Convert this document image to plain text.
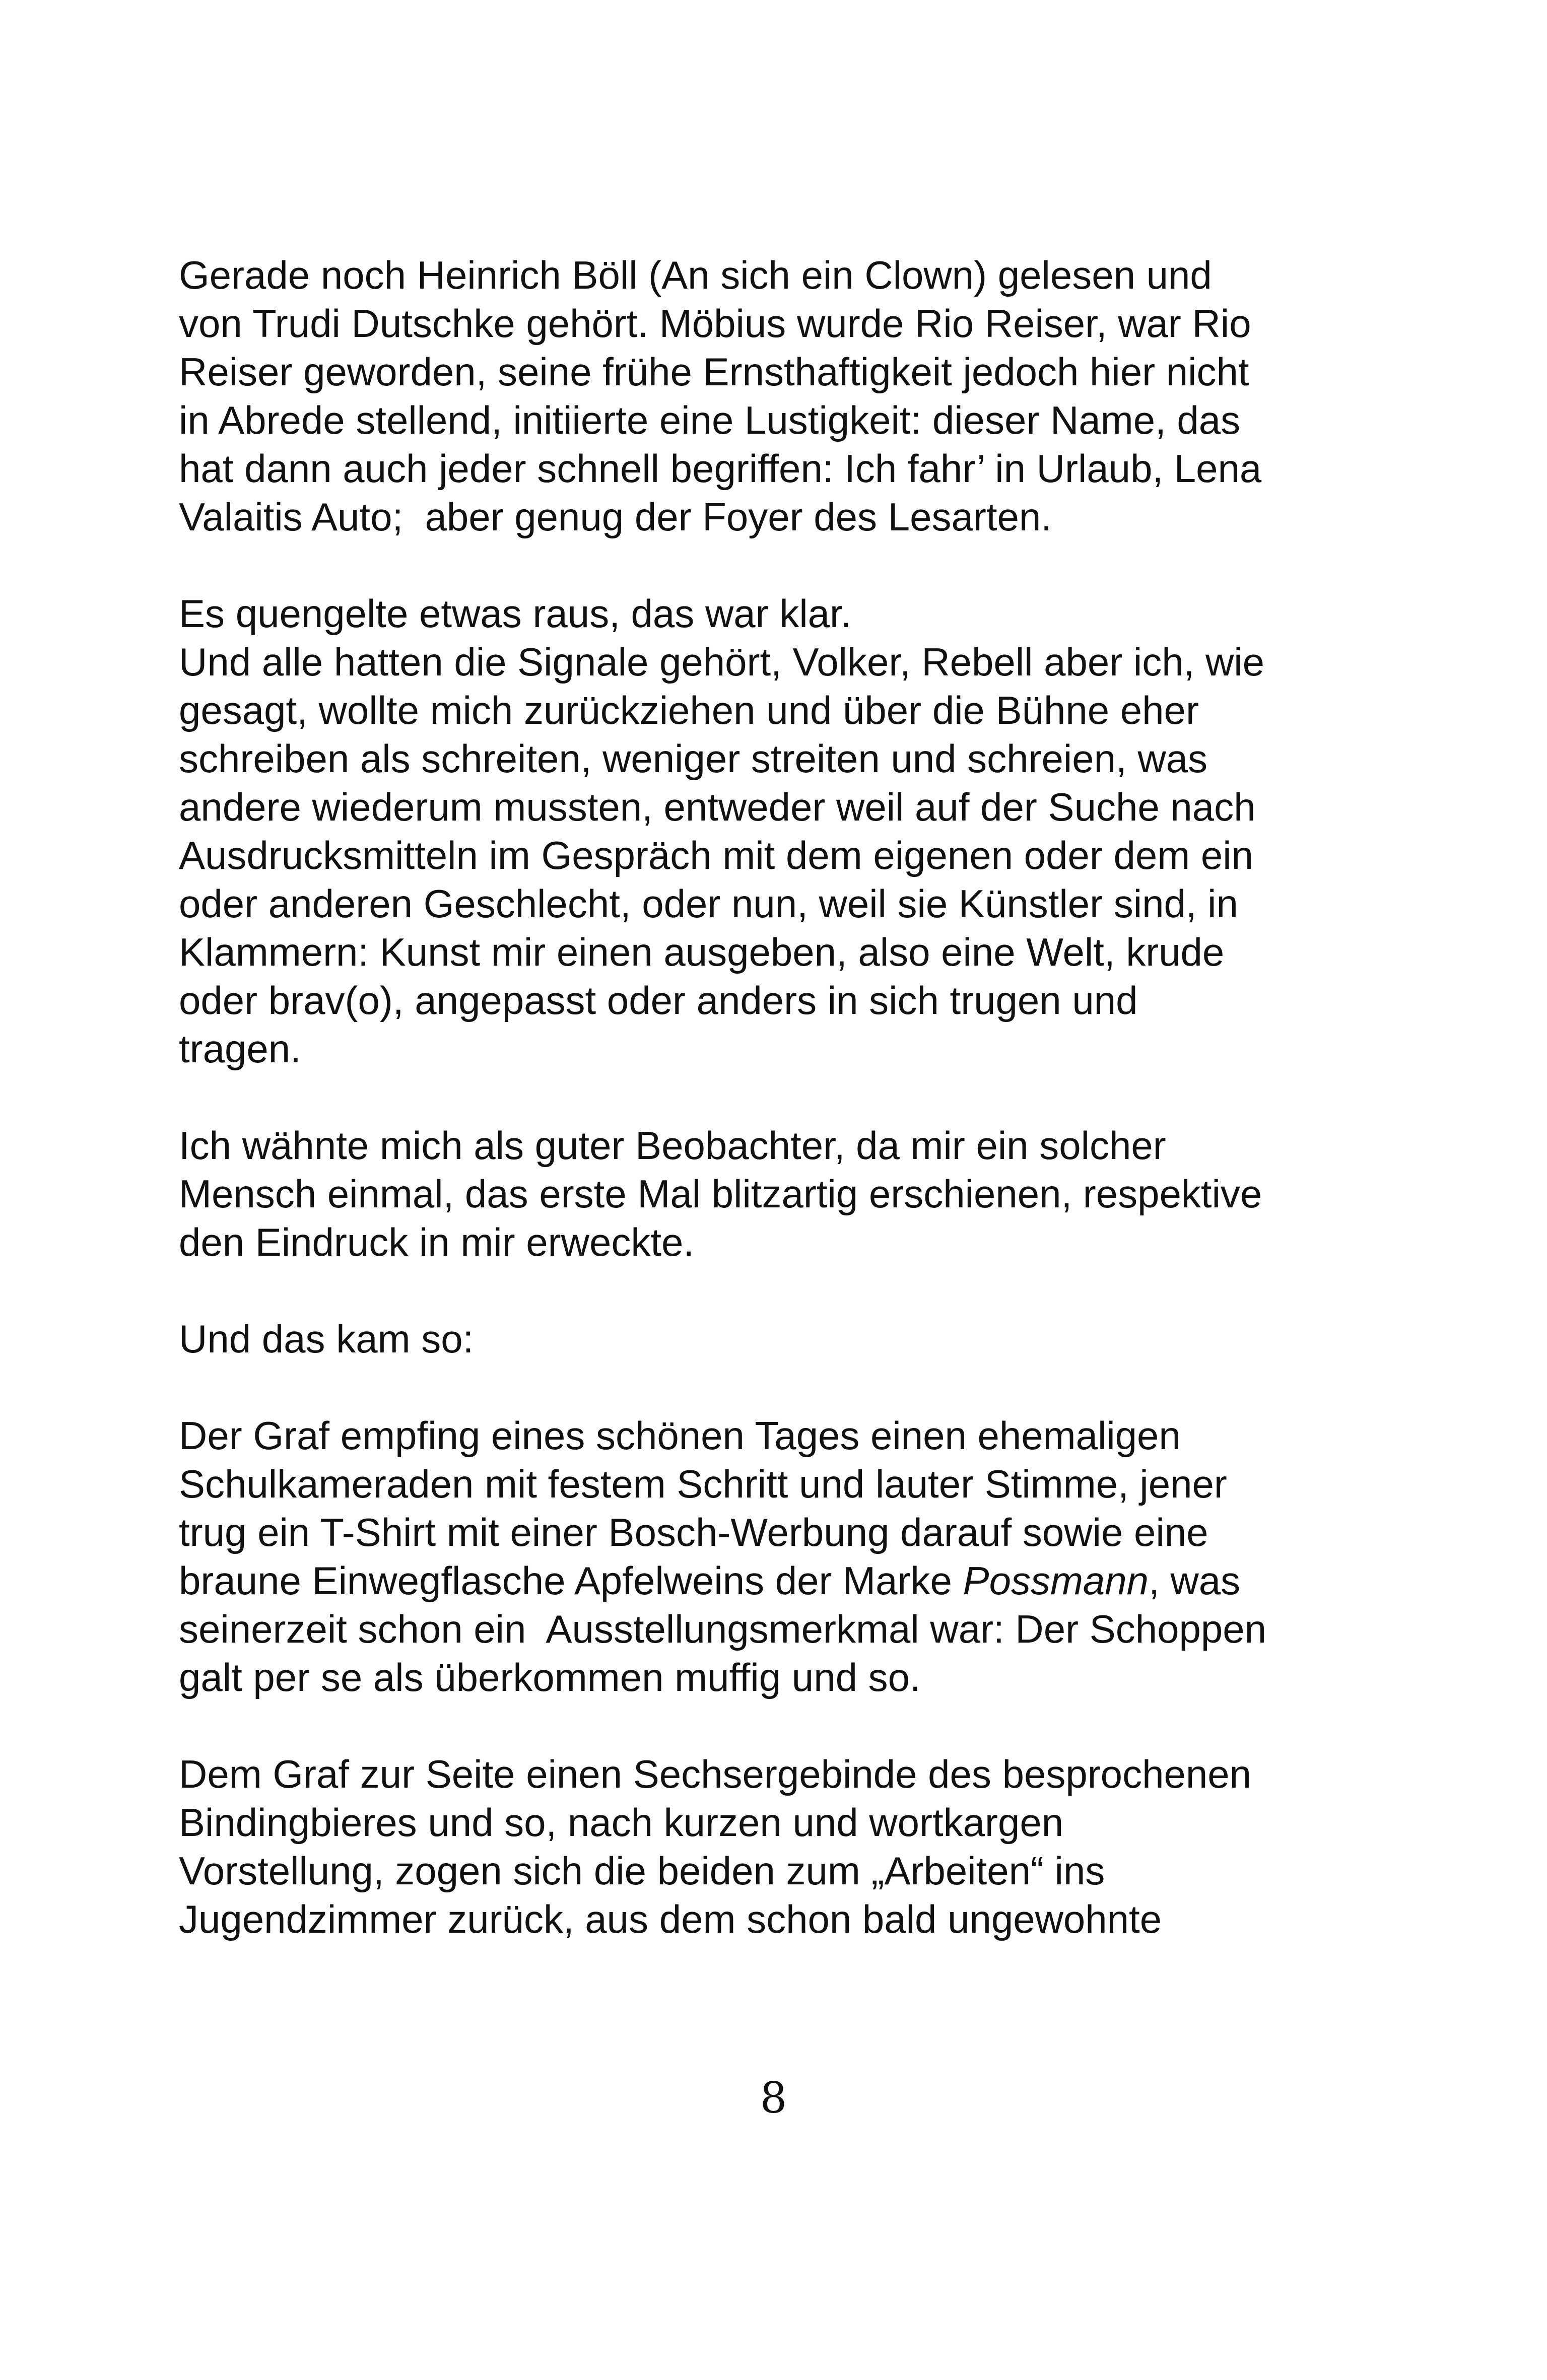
Gerade noch Heinrich Böll (An sich ein Clown) gelesen und
von Trudi Dutschke gehört. Möbius wurde Rio Reiser, war Rio
Reiser geworden, seine frühe Ernsthaftigkeit jedoch hier nicht
in Abrede stellend, initiierte eine Lustigkeit: dieser Name, das
hat dann auch jeder schnell begriffen: Ich fahr’ in Urlaub, Lena
Valaitis Auto;  aber genug der Foyer des Lesarten.
Es quengelte etwas raus, das war klar.
Und alle hatten die Signale gehört, Volker, Rebell aber ich, wie
gesagt, wollte mich zurückziehen und über die Bühne eher
schreiben als schreiten, weniger streiten und schreien, was
andere wiederum mussten, entweder weil auf der Suche nach
Ausdrucksmitteln im Gespräch mit dem eigenen oder dem ein
oder anderen Geschlecht, oder nun, weil sie Künstler sind, in
Klammern: Kunst mir einen ausgeben, also eine Welt, krude
oder brav(o), angepasst oder anders in sich trugen und
tragen.
Ich wähnte mich als guter Beobachter, da mir ein solcher
Mensch einmal, das erste Mal blitzartig erschienen, respektive
den Eindruck in mir erweckte.
Und das kam so:
Der Graf empfing eines schönen Tages einen ehemaligen
Schulkameraden mit festem Schritt und lauter Stimme, jener
trug ein T-Shirt mit einer Bosch-Werbung darauf sowie eine
braune Einwegflasche Apfelweins der Marke Possmann, was
seinerzeit schon ein  Ausstellungsmerkmal war: Der Schoppen
galt per se als überkommen muffig und so.
Dem Graf zur Seite einen Sechsergebinde des besprochenen
Bindingbieres und so, nach kurzen und wortkargen
Vorstellung, zogen sich die beiden zum „Arbeiten“ ins
Jugendzimmer zurück, aus dem schon bald ungewohnte
8
